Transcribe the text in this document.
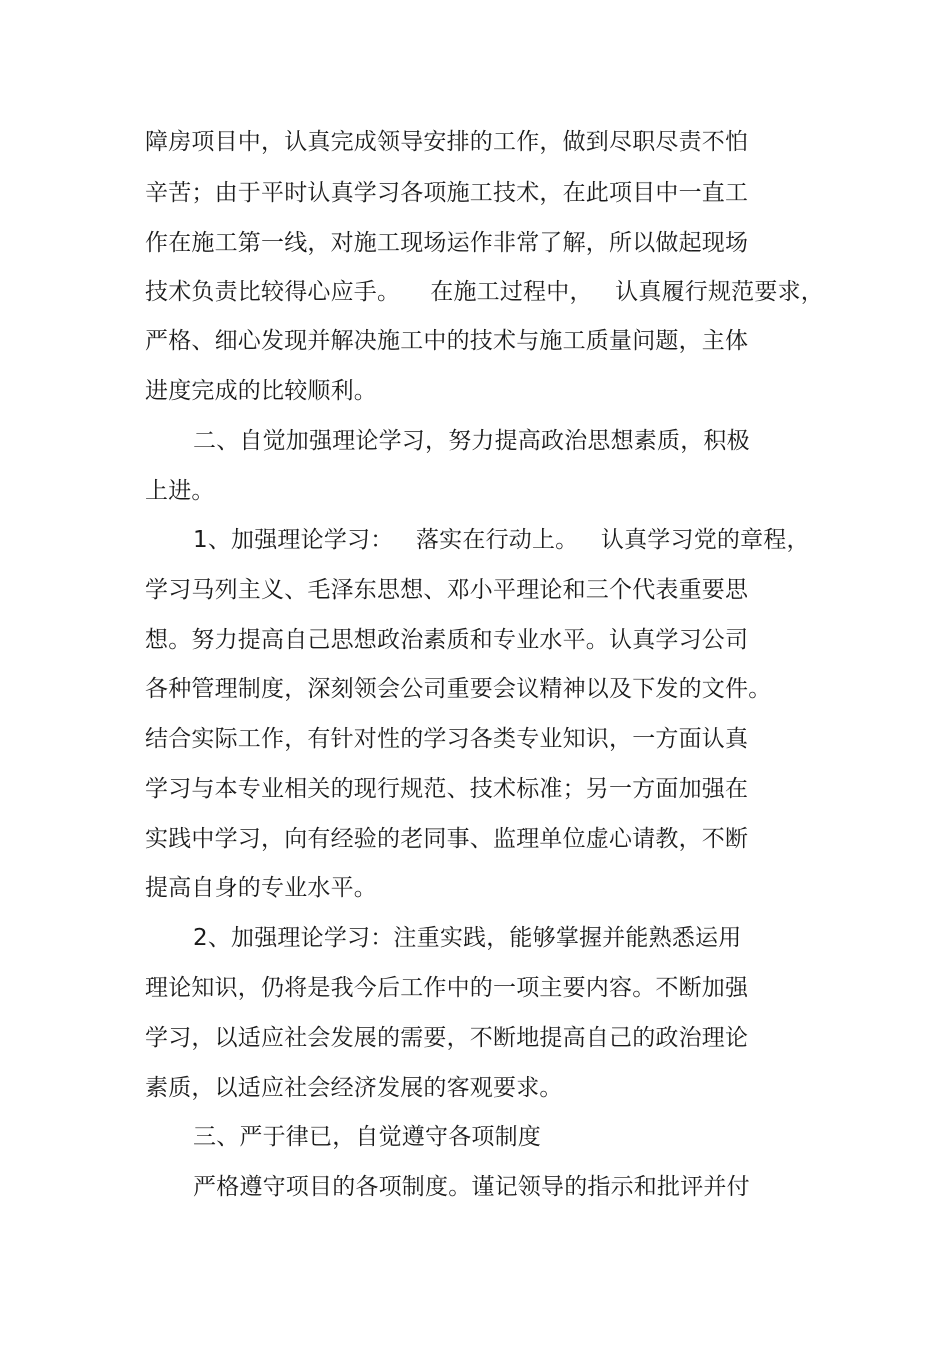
障房项目中，认真完成领导安排的工作，做到尽职尽责不怕
辛苦；由于平时认真学习各项施工技术，在此项目中一直工
作在施工第一线，对施工现场运作非常了解，所以做起现场
技术负责比较得心应手。    在施工过程中，   认真履行规范要求，
严格、细心发现并解决施工中的技术与施工质量问题，主体
进度完成的比较顺利。
二、自觉加强理论学习，努力提高政治思想素质，积极
上进。
1、加强理论学习：   落实在行动上。   认真学习党的章程，
学习马列主义、毛泽东思想、邓小平理论和三个代表重要思
想。努力提高自己思想政治素质和专业水平。认真学习公司
各种管理制度，深刻领会公司重要会议精神以及下发的文件。
结合实际工作，有针对性的学习各类专业知识，一方面认真
学习与本专业相关的现行规范、技术标准；另一方面加强在
实践中学习，向有经验的老同事、监理单位虚心请教，不断
提高自身的专业水平。
2、加强理论学习：注重实践，能够掌握并能熟悉运用
理论知识，仍将是我今后工作中的一项主要内容。不断加强
学习，以适应社会发展的需要，不断地提高自己的政治理论
素质，以适应社会经济发展的客观要求。
三、严于律已，自觉遵守各项制度
严格遵守项目的各项制度。谨记领导的指示和批评并付
